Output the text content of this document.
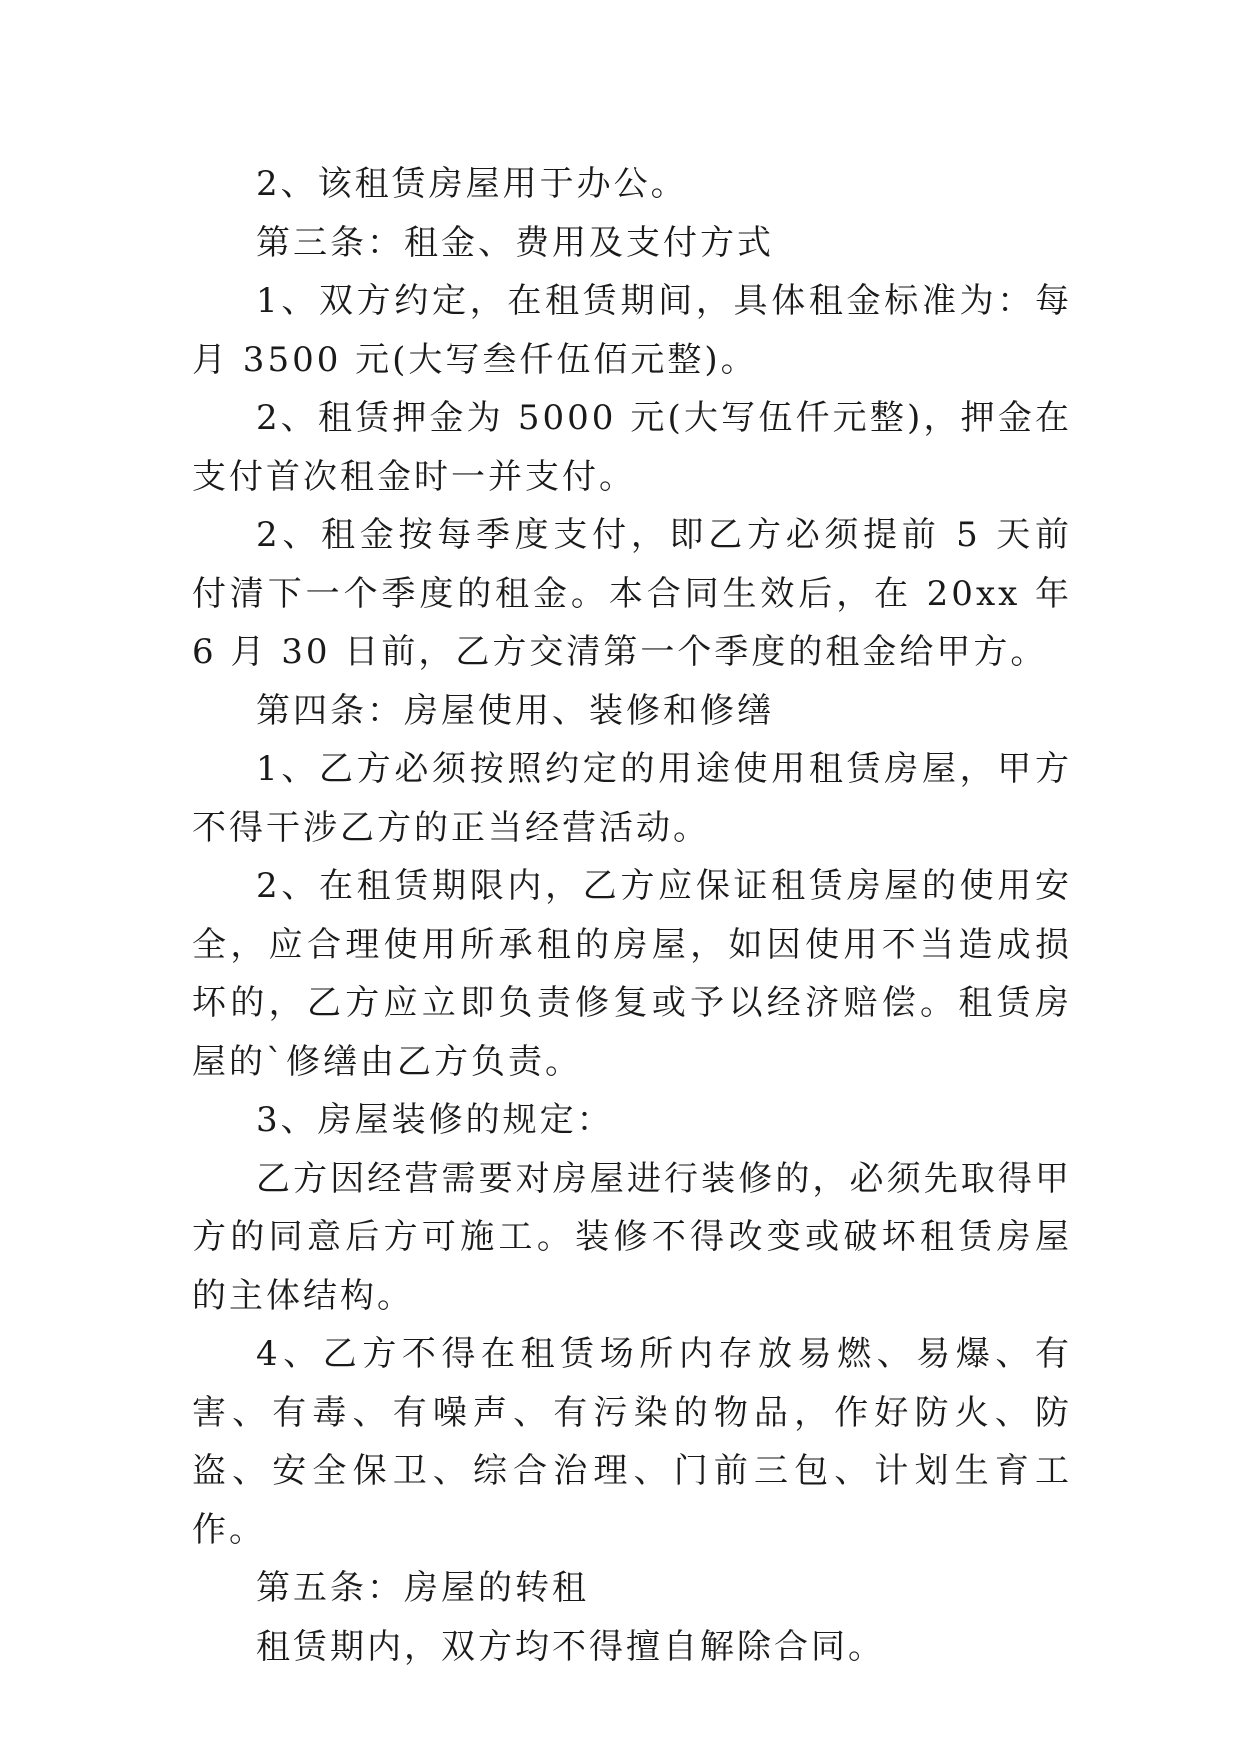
2、该租赁房屋用于办公。

第三条：租金、费用及支付方式

1、双方约定，在租赁期间，具体租金标准为：每月 3500 元(大写叁仟伍佰元整)。

2、租赁押金为 5000 元(大写伍仟元整)，押金在支付首次租金时一并支付。

2、租金按每季度支付，即乙方必须提前 5 天前付清下一个季度的租金。本合同生效后，在 20xx 年 6 月 30 日前，乙方交清第一个季度的租金给甲方。

第四条：房屋使用、装修和修缮

1、乙方必须按照约定的用途使用租赁房屋，甲方不得干涉乙方的正当经营活动。

2、在租赁期限内，乙方应保证租赁房屋的使用安全，应合理使用所承租的房屋，如因使用不当造成损坏的，乙方应立即负责修复或予以经济赔偿。租赁房屋的`修缮由乙方负责。

3、房屋装修的规定：

乙方因经营需要对房屋进行装修的，必须先取得甲方的同意后方可施工。装修不得改变或破坏租赁房屋的主体结构。

4、乙方不得在租赁场所内存放易燃、易爆、有害、有毒、有噪声、有污染的物品，作好防火、防盗、安全保卫、综合治理、门前三包、计划生育工作。

第五条：房屋的转租

租赁期内，双方均不得擅自解除合同。
